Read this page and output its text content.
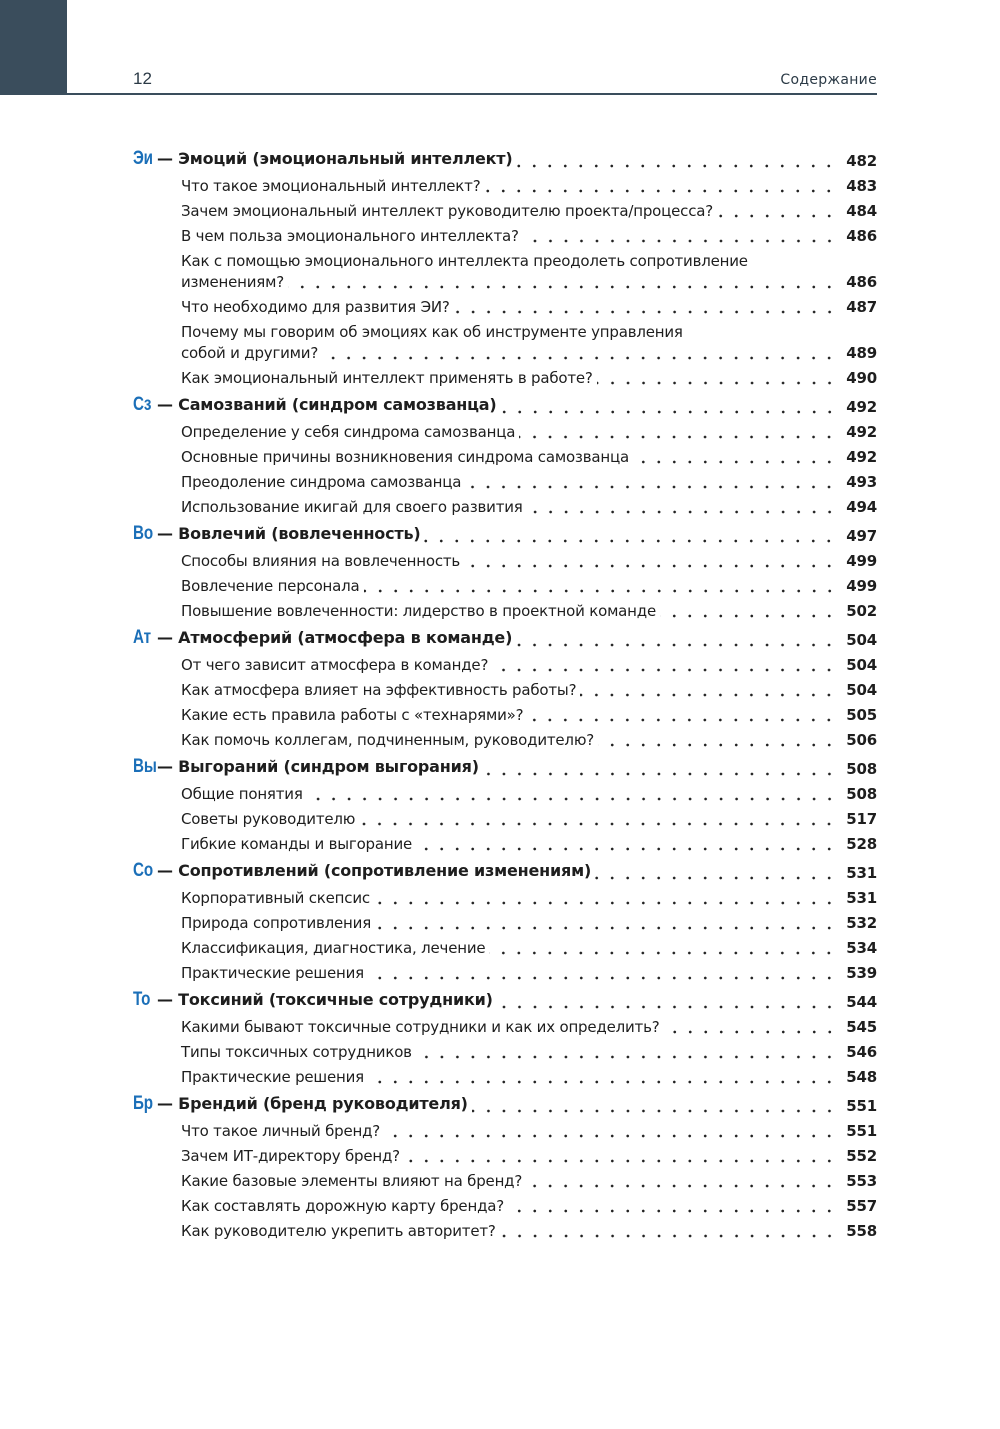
12	Содержание
Эи — Эмоций (эмоциональный интеллект)	482
Что такое эмоциональный интеллект?	483
Зачем эмоциональный интеллект руководителю проекта/процесса?	484
В чем польза эмоционального интеллекта?	486
Как с помощью эмоционального интеллекта преодолеть сопротивление
изменениям?	486
Что необходимо для развития ЭИ?	487
Почему мы говорим об эмоциях как об инструменте управления
собой и другими?	489
Как эмоциональный интеллект применять в работе?	490
Сз — Самозваний (синдром самозванца)	492
Определение у себя синдрома самозванца	492
Основные причины возникновения синдрома самозванца	492
Преодоление синдрома самозванца	493
Использование икигай для своего развития	494
Во — Вовлечий (вовлеченность)	497
Способы влияния на вовлеченность	499
Вовлечение персонала	499
Повышение вовлеченности: лидерство в проектной команде	502
Ат — Атмосферий (атмосфера в команде)	504
От чего зависит атмосфера в команде?	504
Как атмосфера влияет на эффективность работы?	504
Какие есть правила работы с «технарями»?	505
Как помочь коллегам, подчиненным, руководителю?	506
Вы— Выгораний (синдром выгорания)	508
Общие понятия	508
Советы руководителю	517
Гибкие команды и выгорание	528
Со — Сопротивлений (сопротивление изменениям)	531
Корпоративный скепсис	531
Природа сопротивления	532
Классификация, диагностика, лечение	534
Практические решения	539
То — Токсиний (токсичные сотрудники)	544
Какими бывают токсичные сотрудники и как их определить?	545
Типы токсичных сотрудников	546
Практические решения	548
Бр — Брендий (бренд руководителя)	551
Что такое личный бренд?	551
Зачем ИТ-директору бренд?	552
Какие базовые элементы влияют на бренд?	553
Как составлять дорожную карту бренда?	557
Как руководителю укрепить авторитет?	558
